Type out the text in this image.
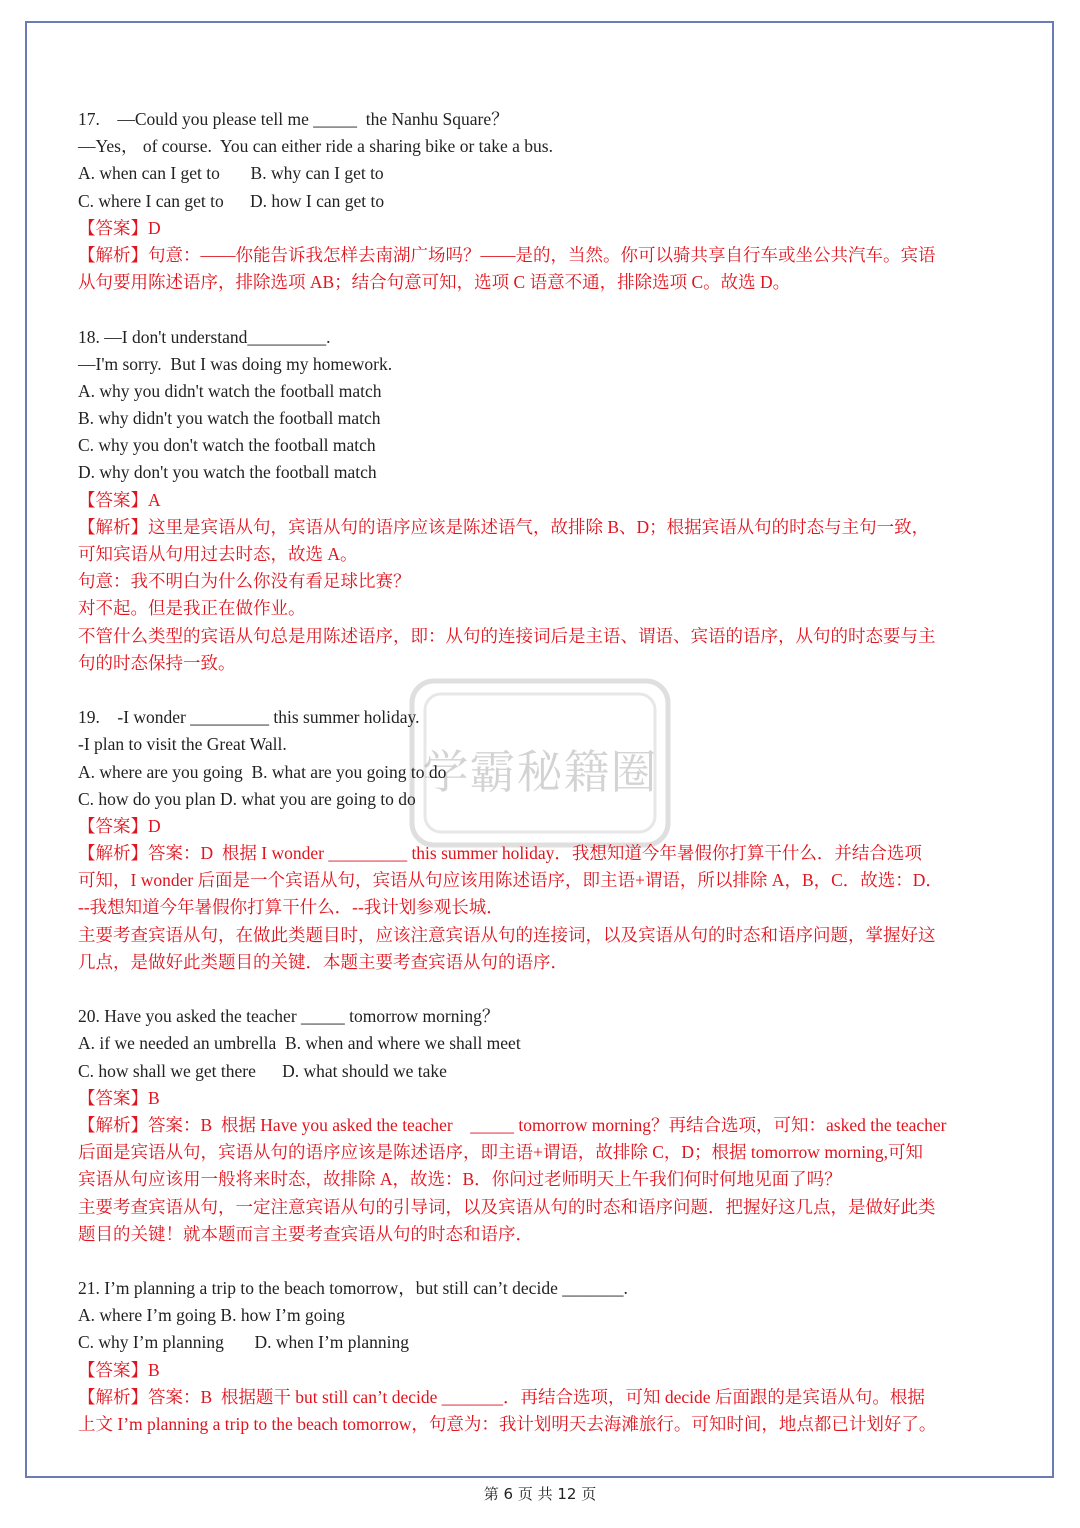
学霸秘籍圈
17.　—Could you please tell me _____  the Nanhu Square？
—Yes， of course.  You can either ride a sharing bike or take a bus.
A. when can I get to       B. why can I get to
C. where I can get to      D. how I can get to
【答案】D
【解析】句意：——你能告诉我怎样去南湖广场吗？——是的，当然。你可以骑共享自行车或坐公共汽车。宾语
从句要用陈述语序，排除选项 AB；结合句意可知，选项 C 语意不通，排除选项 C。故选 D。
18. —I don't understand_________.
—I'm sorry.  But I was doing my homework.
A. why you didn't watch the football match
B. why didn't you watch the football match
C. why you don't watch the football match
D. why don't you watch the football match
【答案】A
【解析】这里是宾语从句，宾语从句的语序应该是陈述语气，故排除 B、D；根据宾语从句的时态与主句一致，
可知宾语从句用过去时态，故选 A。
句意：我不明白为什么你没有看足球比赛？
对不起。但是我正在做作业。
不管什么类型的宾语从句总是用陈述语序，即：从句的连接词后是主语、谓语、宾语的语序，从句的时态要与主
句的时态保持一致。
19.　-I wonder _________ this summer holiday.
-I plan to visit the Great Wall.
A. where are you going  B. what are you going to do
C. how do you plan D. what you are going to do
【答案】D
【解析】答案：D  根据 I wonder _________ this summer holiday．我想知道今年暑假你打算干什么．并结合选项
可知，I wonder 后面是一个宾语从句，宾语从句应该用陈述语序，即主语+谓语，所以排除 A，B，C．故选：D．
--我想知道今年暑假你打算干什么．--我计划参观长城．
主要考查宾语从句，在做此类题目时，应该注意宾语从句的连接词，以及宾语从句的时态和语序问题，掌握好这
几点，是做好此类题目的关键．本题主要考查宾语从句的语序．
20. Have you asked the teacher _____ tomorrow morning？
A. if we needed an umbrella  B. when and where we shall meet
C. how shall we get there      D. what should we take
【答案】B
【解析】答案：B  根据 Have you asked the teacher    _____ tomorrow morning？再结合选项，可知：asked the teacher
后面是宾语从句，宾语从句的语序应该是陈述语序，即主语+谓语，故排除 C，D；根据 tomorrow morning,可知
宾语从句应该用一般将来时态，故排除 A，故选：B．你问过老师明天上午我们何时何地见面了吗？
主要考查宾语从句，一定注意宾语从句的引导词，以及宾语从句的时态和语序问题．把握好这几点，是做好此类
题目的关键！就本题而言主要考查宾语从句的时态和语序．
21. I’m planning a trip to the beach tomorrow，but still can’t decide _______.
A. where I’m going B. how I’m going
C. why I’m planning       D. when I’m planning
【答案】B
【解析】答案：B  根据题干 but still can’t decide _______．再结合选项，可知 decide 后面跟的是宾语从句。根据
上文 I’m planning a trip to the beach tomorrow，句意为：我计划明天去海滩旅行。可知时间，地点都已计划好了。
第 6 页 共 12 页
